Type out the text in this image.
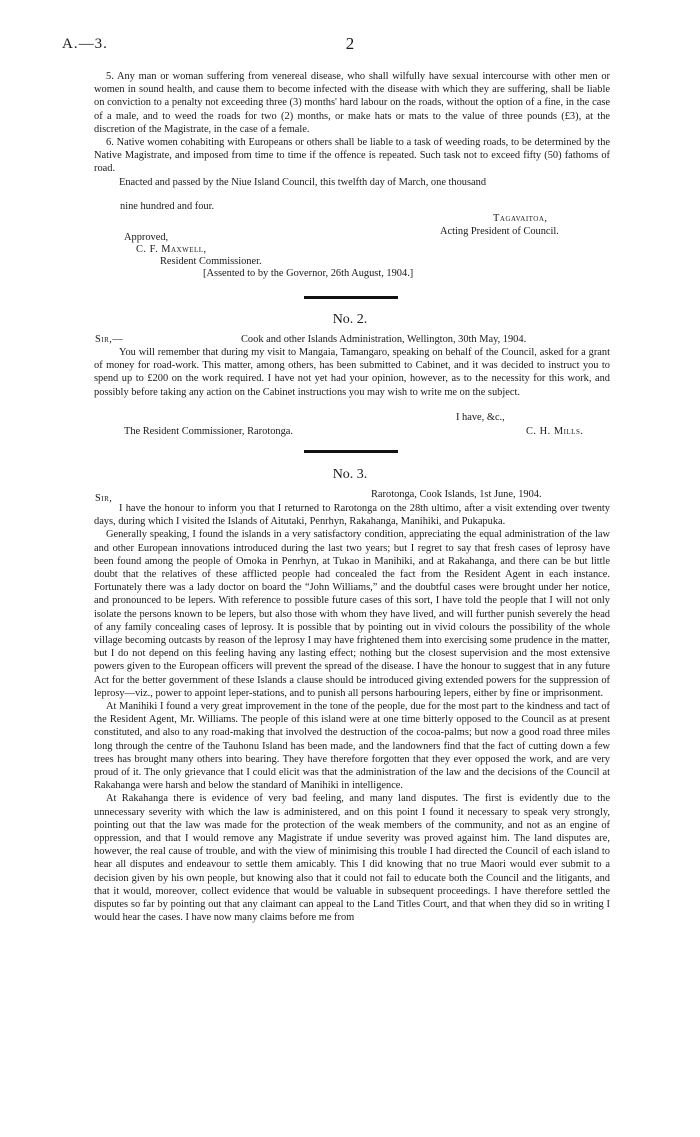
A.—3.	2

5. Any man or woman suffering from venereal disease, who shall wilfully have sexual intercourse with other men or women in sound health, and cause them to become infected with the disease with which they are suffering, shall be liable on conviction to a penalty not exceeding three (3) months' hard labour on the roads, without the option of a fine, in the case of a male, and to weed the roads for two (2) months, or make hats or mats to the value of three pounds (£3), at the discretion of the Magistrate, in the case of a female.

6. Native women cohabiting with Europeans or others shall be liable to a task of weeding roads, to be determined by the Native Magistrate, and imposed from time to time if the offence is repeated. Such task not to exceed fifty (50) fathoms of road.

Enacted and passed by the Niue Island Council, this twelfth day of March, one thousand

nine hundred and four.
Tagavaitoa,
Acting President of Council.
Approved,
C. F. Maxwell,
Resident Commissioner.
[Assented to by the Governor, 26th August, 1904.]
No. 2.
Sir,—	Cook and other Islands Administration, Wellington, 30th May, 1904.

You will remember that during my visit to Mangaia, Tamangaro, speaking on behalf of the Council, asked for a grant of money for road-work. This matter, among others, has been submitted to Cabinet, and it was decided to instruct you to spend up to £200 on the work required. I have not yet had your opinion, however, as to the necessity for this work, and possibly before taking any action on the Cabinet instructions you may wish to write me on the subject.

I have, &c.,
The Resident Commissioner, Rarotonga.	C. H. Mills.
No. 3.
Sir,	Rarotonga, Cook Islands, 1st June, 1904.

I have the honour to inform you that I returned to Rarotonga on the 28th ultimo, after a visit extending over twenty days, during which I visited the Islands of Aitutaki, Penrhyn, Rakahanga, Manihiki, and Pukapuka.

Generally speaking, I found the islands in a very satisfactory condition, appreciating the equal administration of the law and other European innovations introduced during the last two years; but I regret to say that fresh cases of leprosy have been found among the people of Omoka in Penrhyn, at Tukao in Manihiki, and at Rakahanga, and there can be but little doubt that the relatives of these afflicted people had concealed the fact from the Resident Agent in each instance. Fortunately there was a lady doctor on board the “John Williams,” and the doubtful cases were brought under her notice, and pronounced to be lepers. With reference to possible future cases of this sort, I have told the people that I will not only isolate the persons known to be lepers, but also those with whom they have lived, and will further punish severely the head of any family concealing cases of leprosy. It is possible that by pointing out in vivid colours the possibility of the whole village becoming outcasts by reason of the leprosy I may have frightened them into exercising some prudence in the matter, but I do not depend on this feeling having any lasting effect; nothing but the closest supervision and the most extensive powers given to the European officers will prevent the spread of the disease. I have the honour to suggest that in any future Act for the better government of these Islands a clause should be introduced giving extended powers for the suppression of leprosy—viz., power to appoint leper-stations, and to punish all persons harbouring lepers, either by fine or imprisonment.

At Manihiki I found a very great improvement in the tone of the people, due for the most part to the kindness and tact of the Resident Agent, Mr. Williams. The people of this island were at one time bitterly opposed to the Council as at present constituted, and also to any road-making that involved the destruction of the cocoa-palms; but now a good road three miles long through the centre of the Tauhonu Island has been made, and the landowners find that the fact of cutting down a few trees has brought many others into bearing. They have therefore forgotten that they ever opposed the work, and are very proud of it. The only grievance that I could elicit was that the administration of the law and the decisions of the Council at Rakahanga were harsh and below the standard of Manihiki in intelligence.

At Rakahanga there is evidence of very bad feeling, and many land disputes. The first is evidently due to the unnecessary severity with which the law is administered, and on this point I found it necessary to speak very strongly, pointing out that the law was made for the protection of the weak members of the community, and not as an engine of oppression, and that I would remove any Magistrate if undue severity was proved against him. The land disputes are, however, the real cause of trouble, and with the view of minimising this trouble I had directed the Council of each island to hear all disputes and endeavour to settle them amicably. This I did knowing that no true Maori would ever submit to a decision given by his own people, but knowing also that it could not fail to educate both the Council and the litigants, and that it would, moreover, collect evidence that would be valuable in subsequent proceedings. I have therefore settled the disputes so far by pointing out that any claimant can appeal to the Land Titles Court, and that when they did so in writing I would hear the cases. I have now many claims before me from
